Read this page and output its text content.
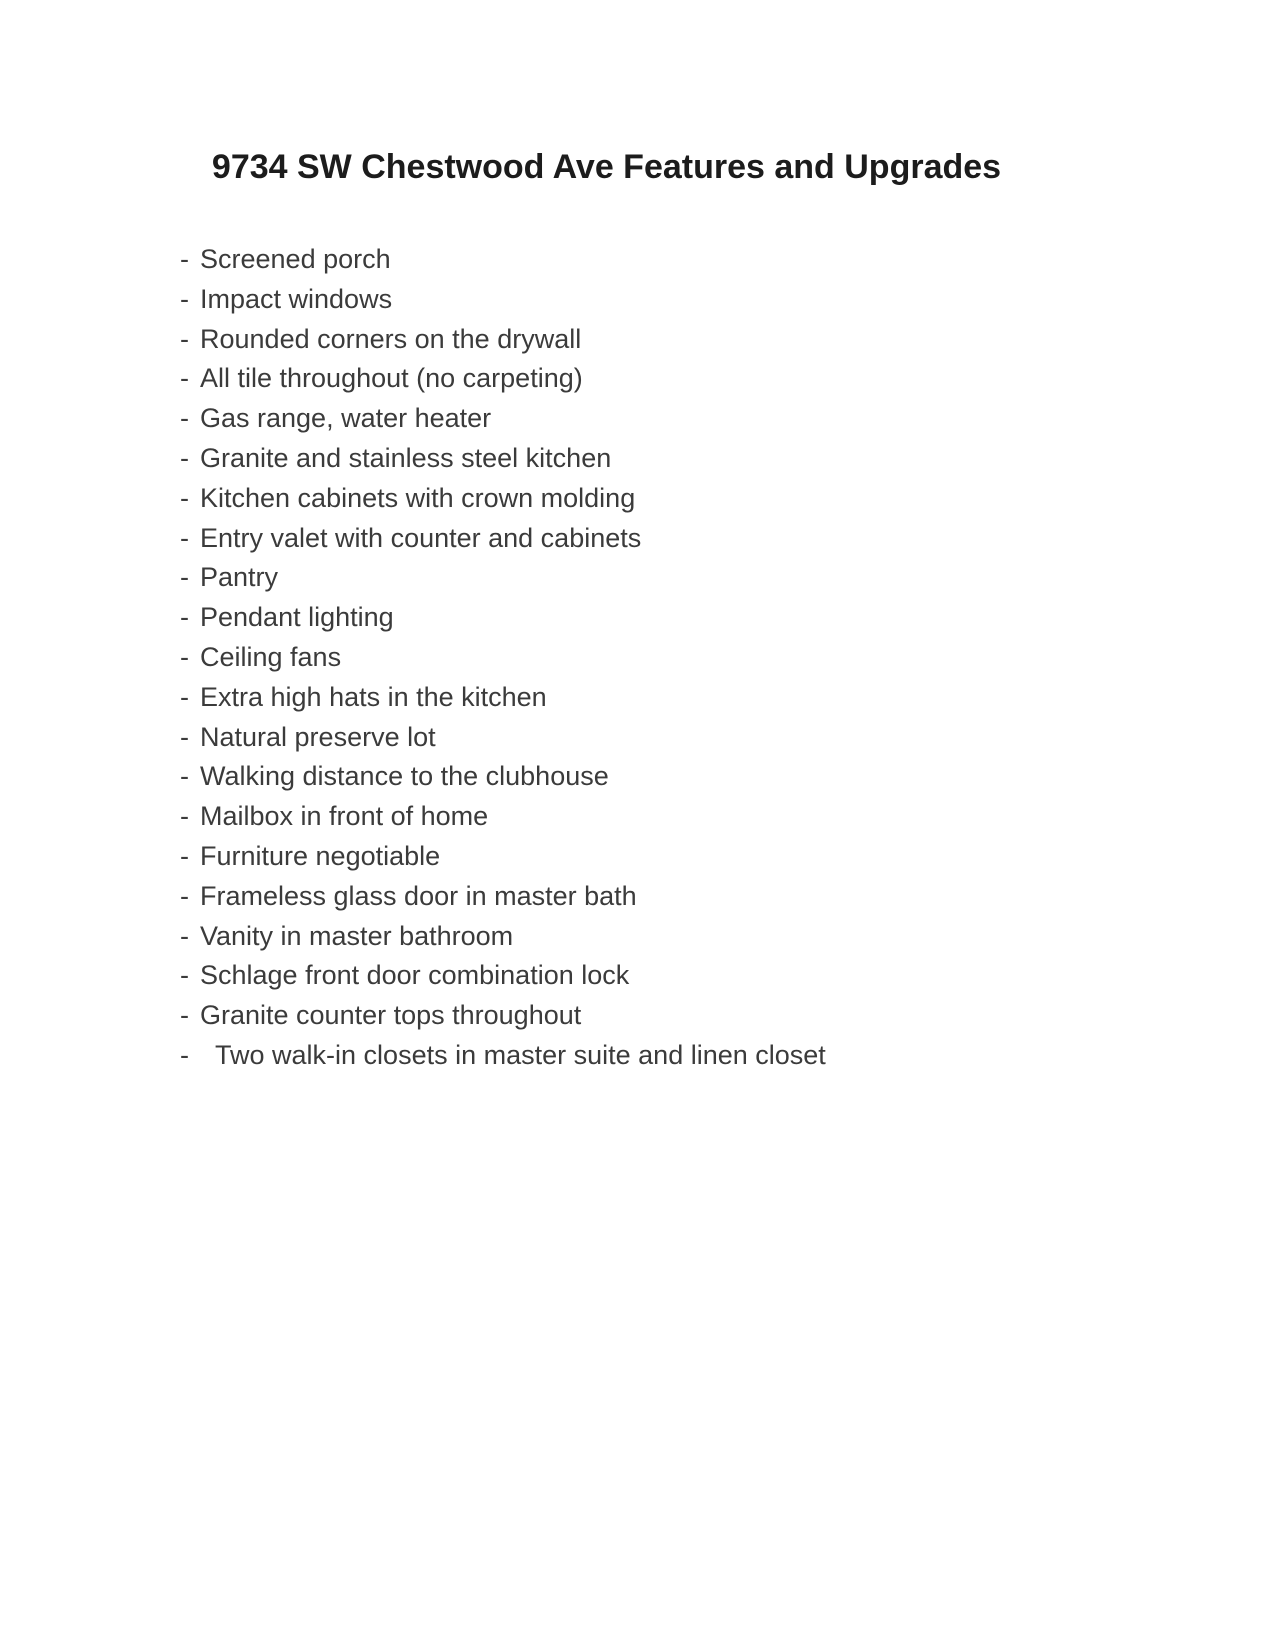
9734 SW Chestwood Ave Features and Upgrades
- Screened porch
- Impact windows
- Rounded corners on the drywall
- All tile throughout (no carpeting)
- Gas range, water heater
- Granite and stainless steel kitchen
- Kitchen cabinets with crown molding
- Entry valet with counter and cabinets
- Pantry
- Pendant lighting
- Ceiling fans
- Extra high hats in the kitchen
- Natural preserve lot
- Walking distance to the clubhouse
- Mailbox in front of home
- Furniture negotiable
- Frameless glass door in master bath
- Vanity in master bathroom
- Schlage front door combination lock
- Granite counter tops throughout
- Two walk-in closets in master suite and linen closet
